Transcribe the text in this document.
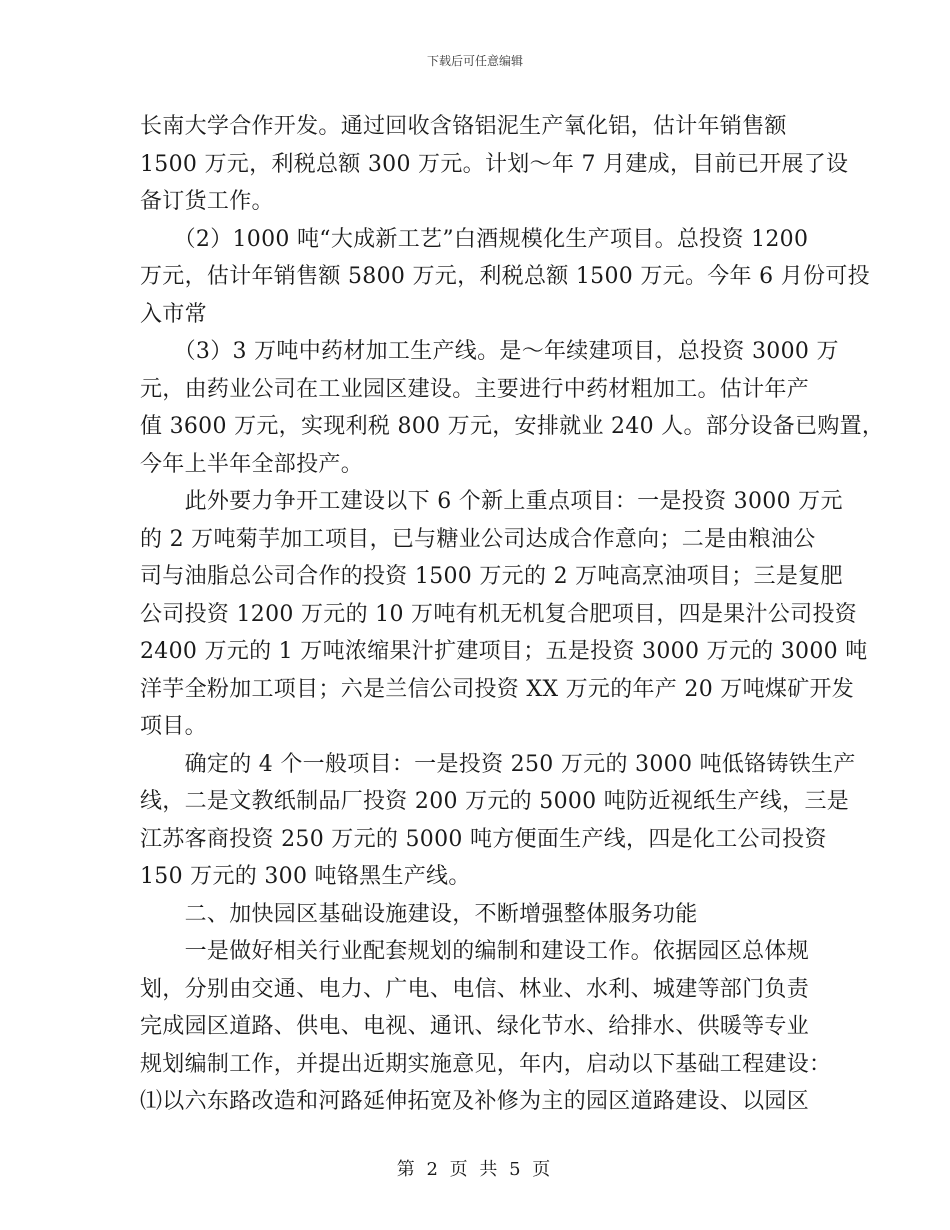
下载后可任意编辑

长南大学合作开发。通过回收含铬铝泥生产氧化铝，估计年销售额

1500 万元，利税总额 300 万元。计划～年 7 月建成，目前已开展了设

备订货工作。

　　（2）1000 吨“大成新工艺”白酒规模化生产项目。总投资 1200

万元，估计年销售额 5800 万元，利税总额 1500 万元。今年 6 月份可投

入市常

　　（3）3 万吨中药材加工生产线。是～年续建项目，总投资 3000 万

元，由药业公司在工业园区建设。主要进行中药材粗加工。估计年产

值 3600 万元，实现利税 800 万元，安排就业 240 人。部分设备已购置，

今年上半年全部投产。

　　此外要力争开工建设以下 6 个新上重点项目：一是投资 3000 万元

的 2 万吨菊芋加工项目，已与糖业公司达成合作意向；二是由粮油公

司与油脂总公司合作的投资 1500 万元的 2 万吨高烹油项目；三是复肥

公司投资 1200 万元的 10 万吨有机无机复合肥项目，四是果汁公司投资

2400 万元的 1 万吨浓缩果汁扩建项目；五是投资 3000 万元的 3000 吨

洋芋全粉加工项目；六是兰信公司投资 XX 万元的年产 20 万吨煤矿开发

项目。

　　确定的 4 个一般项目：一是投资 250 万元的 3000 吨低铬铸铁生产

线，二是文教纸制品厂投资 200 万元的 5000 吨防近视纸生产线，三是

江苏客商投资 250 万元的 5000 吨方便面生产线，四是化工公司投资

150 万元的 300 吨铬黑生产线。

　　二、加快园区基础设施建设，不断增强整体服务功能

　　一是做好相关行业配套规划的编制和建设工作。依据园区总体规

划，分别由交通、电力、广电、电信、林业、水利、城建等部门负责

完成园区道路、供电、电视、通讯、绿化节水、给排水、供暖等专业

规划编制工作，并提出近期实施意见，年内，启动以下基础工程建设：

⑴以六东路改造和河路延伸拓宽及补修为主的园区道路建设、以园区

第 2 页 共 5 页
